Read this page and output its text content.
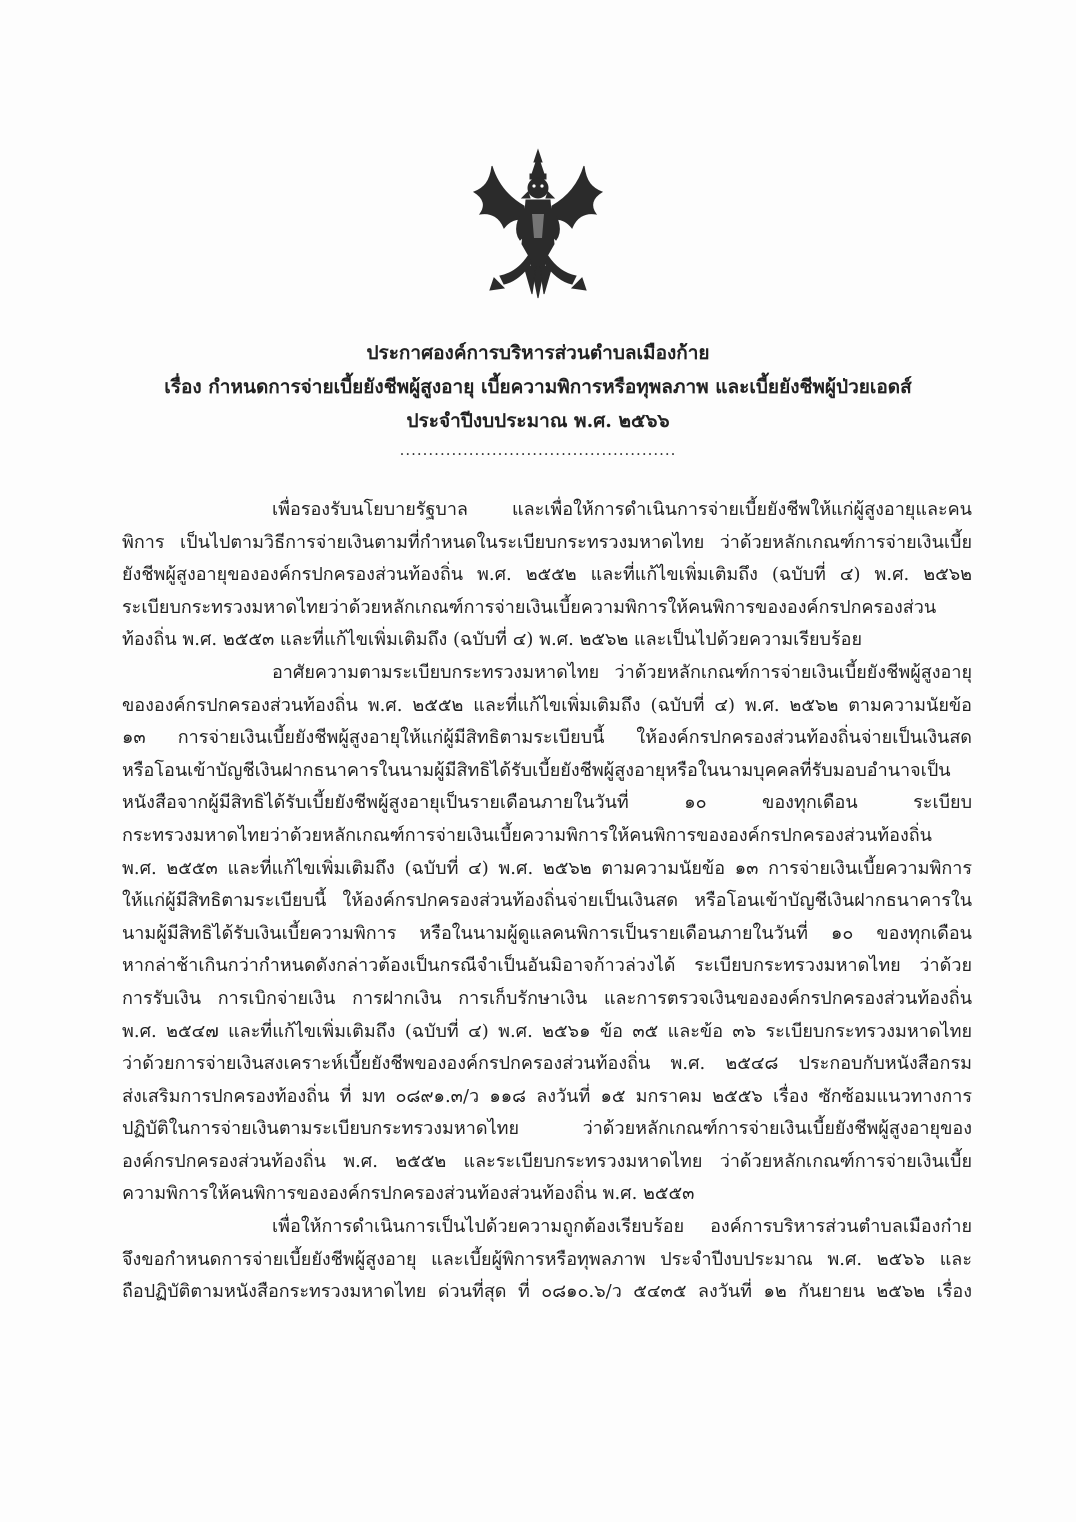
ประกาศองค์การบริหารส่วนตำบลเมืองก้าย
เรื่อง กำหนดการจ่ายเบี้ยยังชีพผู้สูงอายุ เบี้ยความพิการหรือทุพลภาพ และเบี้ยยังชีพผู้ป่วยเอดส์
ประจำปีงบประมาณ พ.ศ. ๒๕๖๖
................................................
เพื่อรองรับนโยบายรัฐบาล และเพื่อให้การดำเนินการจ่ายเบี้ยยังชีพให้แก่ผู้สูงอายุและคน
พิการ เป็นไปตามวิธีการจ่ายเงินตามที่กำหนดในระเบียบกระทรวงมหาดไทย ว่าด้วยหลักเกณฑ์การจ่ายเงินเบี้ย
ยังชีพผู้สูงอายุขององค์กรปกครองส่วนท้องถิ่น พ.ศ. ๒๕๕๒ และที่แก้ไขเพิ่มเติมถึง (ฉบับที่ ๔) พ.ศ. ๒๕๖๒
ระเบียบกระทรวงมหาดไทยว่าด้วยหลักเกณฑ์การจ่ายเงินเบี้ยความพิการให้คนพิการขององค์กรปกครองส่วน
ท้องถิ่น พ.ศ. ๒๕๕๓ และที่แก้ไขเพิ่มเติมถึง (ฉบับที่ ๔) พ.ศ. ๒๕๖๒ และเป็นไปด้วยความเรียบร้อย
อาศัยความตามระเบียบกระทรวงมหาดไทย ว่าด้วยหลักเกณฑ์การจ่ายเงินเบี้ยยังชีพผู้สูงอายุ
ขององค์กรปกครองส่วนท้องถิ่น พ.ศ. ๒๕๕๒ และที่แก้ไขเพิ่มเติมถึง (ฉบับที่ ๔) พ.ศ. ๒๕๖๒ ตามความนัยข้อ
๑๓ การจ่ายเงินเบี้ยยังชีพผู้สูงอายุให้แก่ผู้มีสิทธิตามระเบียบนี้ ให้องค์กรปกครองส่วนท้องถิ่นจ่ายเป็นเงินสด
หรือโอนเข้าบัญชีเงินฝากธนาคารในนามผู้มีสิทธิได้รับเบี้ยยังชีพผู้สูงอายุหรือในนามบุคคลที่รับมอบอำนาจเป็น
หนังสือจากผู้มีสิทธิได้รับเบี้ยยังชีพผู้สูงอายุเป็นรายเดือนภายในวันที่ ๑๐ ของทุกเดือน ระเบียบ
กระทรวงมหาดไทยว่าด้วยหลักเกณฑ์การจ่ายเงินเบี้ยความพิการให้คนพิการขององค์กรปกครองส่วนท้องถิ่น
พ.ศ. ๒๕๕๓ และที่แก้ไขเพิ่มเติมถึง (ฉบับที่ ๔) พ.ศ. ๒๕๖๒ ตามความนัยข้อ ๑๓ การจ่ายเงินเบี้ยความพิการ
ให้แก่ผู้มีสิทธิตามระเบียบนี้ ให้องค์กรปกครองส่วนท้องถิ่นจ่ายเป็นเงินสด หรือโอนเข้าบัญชีเงินฝากธนาคารใน
นามผู้มีสิทธิได้รับเงินเบี้ยความพิการ หรือในนามผู้ดูแลคนพิการเป็นรายเดือนภายในวันที่ ๑๐ ของทุกเดือน
หากล่าช้าเกินกว่ากำหนดดังกล่าวต้องเป็นกรณีจำเป็นอันมิอาจก้าวล่วงได้ ระเบียบกระทรวงมหาดไทย ว่าด้วย
การรับเงิน การเบิกจ่ายเงิน การฝากเงิน การเก็บรักษาเงิน และการตรวจเงินขององค์กรปกครองส่วนท้องถิ่น
พ.ศ. ๒๕๔๗ และที่แก้ไขเพิ่มเติมถึง (ฉบับที่ ๔) พ.ศ. ๒๕๖๑ ข้อ ๓๕ และข้อ ๓๖ ระเบียบกระทรวงมหาดไทย
ว่าด้วยการจ่ายเงินสงเคราะห์เบี้ยยังชีพขององค์กรปกครองส่วนท้องถิ่น พ.ศ. ๒๕๔๘ ประกอบกับหนังสือกรม
ส่งเสริมการปกครองท้องถิ่น ที่ มท ๐๘๙๑.๓/ว ๑๑๘ ลงวันที่ ๑๕ มกราคม ๒๕๕๖ เรื่อง ซักซ้อมแนวทางการ
ปฏิบัติในการจ่ายเงินตามระเบียบกระทรวงมหาดไทย ว่าด้วยหลักเกณฑ์การจ่ายเงินเบี้ยยังชีพผู้สูงอายุของ
องค์กรปกครองส่วนท้องถิ่น พ.ศ. ๒๕๕๒ และระเบียบกระทรวงมหาดไทย ว่าด้วยหลักเกณฑ์การจ่ายเงินเบี้ย
ความพิการให้คนพิการขององค์กรปกครองส่วนท้องส่วนท้องถิ่น พ.ศ. ๒๕๕๓
เพื่อให้การดำเนินการเป็นไปด้วยความถูกต้องเรียบร้อย องค์การบริหารส่วนตำบลเมืองก๋าย
จึงขอกำหนดการจ่ายเบี้ยยังชีพผู้สูงอายุ และเบี้ยผู้พิการหรือทุพลภาพ ประจำปีงบประมาณ พ.ศ. ๒๕๖๖ และ
ถือปฏิบัติตามหนังสือกระทรวงมหาดไทย ด่วนที่สุด ที่ ๐๘๑๐.๖/ว ๕๔๓๕ ลงวันที่ ๑๒ กันยายน ๒๕๖๒ เรื่อง
